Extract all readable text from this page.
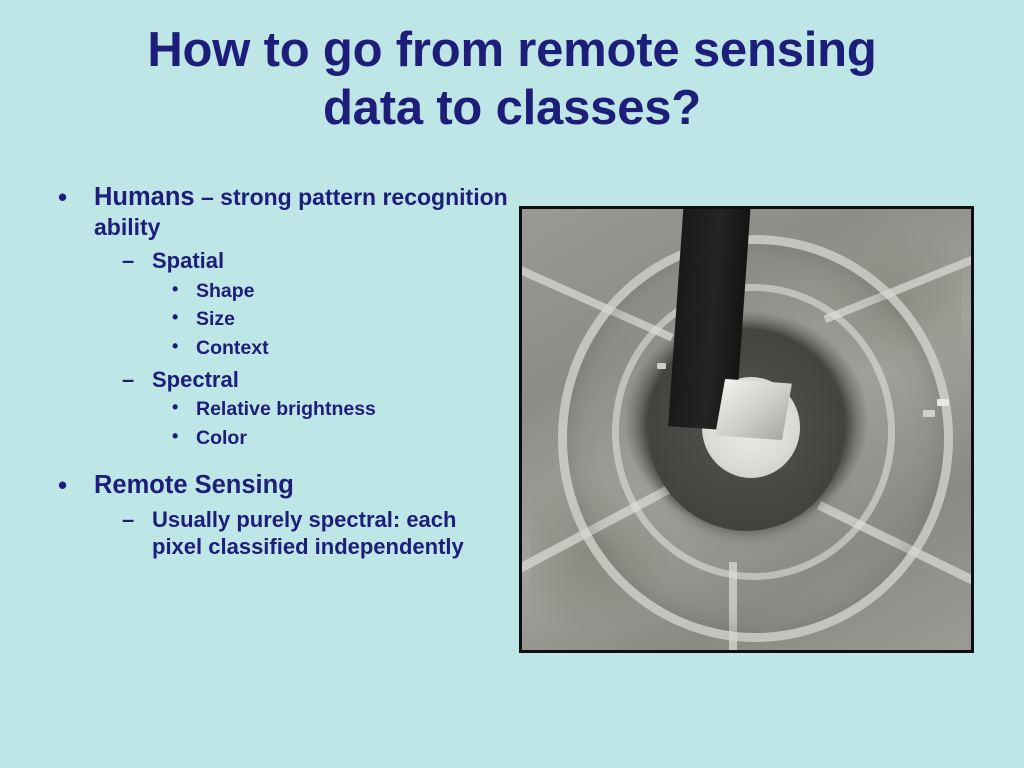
How to go from remote sensing
data to classes?
• Humans – strong pattern recognition ability
– Spatial
• Shape
• Size
• Context
– Spectral
• Relative brightness
• Color
• Remote Sensing
– Usually purely spectral: each pixel classified independently
